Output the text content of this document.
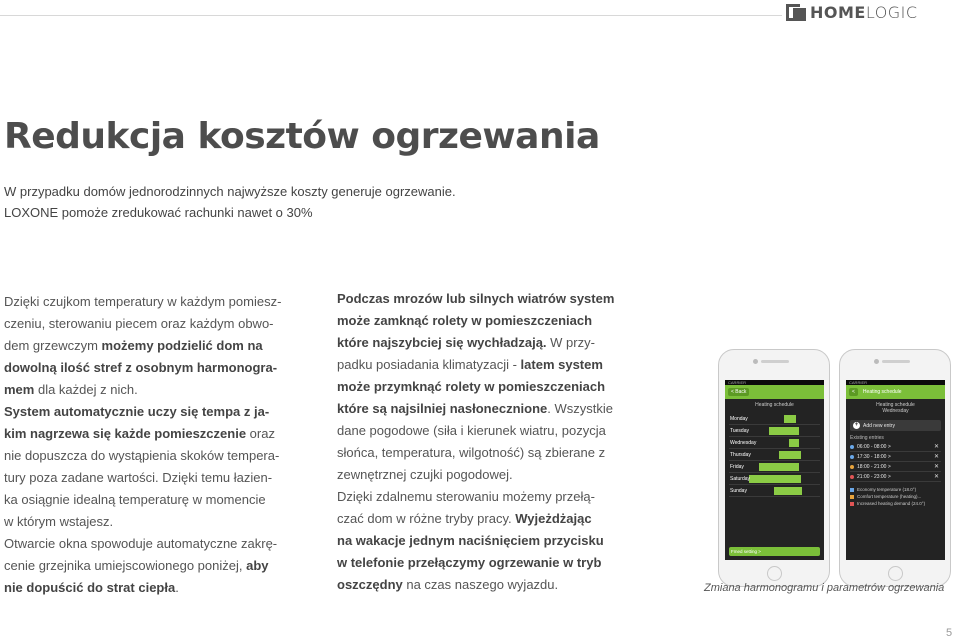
HOMELOGIC
Redukcja kosztów ogrzewania
W przypadku domów jednorodzinnych najwyższe koszty generuje ogrzewanie.
LOXONE pomoże zredukować rachunki nawet o 30%

Dzięki czujkom temperatury w każdym pomiesz-

czeniu, sterowaniu piecem oraz każdym obwo-

dem grzewczym możemy podzielić dom na

dowolną ilość stref z osobnym harmonogra-

mem dla każdej z nich.

System automatycznie uczy się tempa z ja-

kim nagrzewa się każde pomieszczenie oraz

nie dopuszcza do wystąpienia skoków tempera-

tury poza zadane wartości. Dzięki temu łazien-

ka osiągnie idealną temperaturę w momencie

w którym wstajesz.

Otwarcie okna spowoduje automatyczne zakrę-

cenie grzejnika umiejscowionego poniżej, aby

nie dopuścić do strat ciepła.

Podczas mrozów lub silnych wiatrów system

może zamknąć rolety w pomieszczeniach

które najszybciej się wychładzają. W przy-

padku posiadania klimatyzacji - latem system

może przymknąć rolety w pomieszczeniach

które są najsilniej nasłonecznione. Wszystkie

dane pogodowe (siła i kierunek wiatru, pozycja

słońca, temperatura, wilgotność) są zbierane z

zewnętrznej czujki pogodowej.

Dzięki zdalnemu sterowaniu możemy przełą-

czać dom w różne tryby pracy. Wyjeżdżając

na wakacje jednym naciśnięciem przycisku

w telefonie przełączymy ogrzewanie w tryb

oszczędny na czas naszego wyjazdu.

CARRIER
< Back
Heating schedule
Monday
Tuesday
Wednesday
Thursday
Friday
Saturday
Sunday
Fmed setting >
CARRIER
<	Heating schedule
Heating schedule
Wednesday
+ Add new entry
Existing entries
06:00 - 08:00 >	✕
17:30 - 18:00 >	✕
18:00 - 21:00 >	✕
21:00 - 23:00 >	✕
Economy temperature (18.0°)
Comfort temperature (heating)...
Increased heating demand (24.0°)
Zmiana harmonogramu i parametrów ogrzewania
5
